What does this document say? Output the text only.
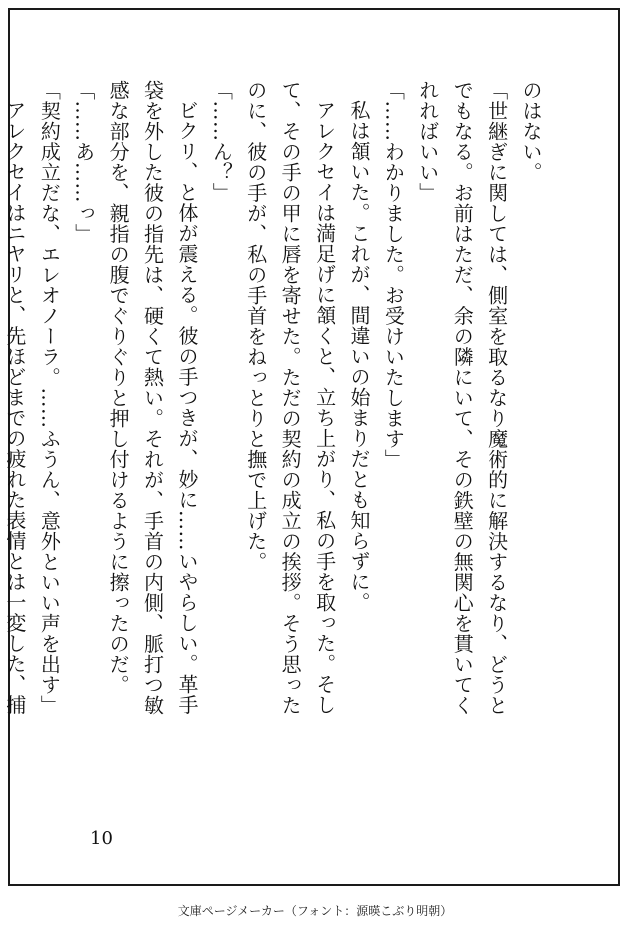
のはない。

「世継ぎに関しては、側室を取るなり魔術的に解決するなり、どうとでもなる。お前はただ、余の隣にいて、その鉄壁の無関心を貫いてくれればいい」

「……わかりました。お受けいたします」

私は頷いた。これが、間違いの始まりだとも知らずに。

アレクセイは満足げに頷くと、立ち上がり、私の手を取った。そして、その手の甲に唇を寄せた。ただの契約の成立の挨拶。そう思ったのに、彼の手が、私の手首をねっとりと撫で上げた。

「……ん？」

ビクリ、と体が震える。彼の手つきが、妙に……いやらしい。革手袋を外した彼の指先は、硬くて熱い。それが、手首の内側、脈打つ敏感な部分を、親指の腹でぐりぐりと押し付けるように擦ったのだ。

「……あ……っ」

「契約成立だな、エレオノーラ。……ふうん、意外といい声を出す」

アレクセイはニヤリと、先ほどまでの疲れた表情とは一変した、捕

10
文庫ページメーカー（フォント：源暎こぶり明朝）
